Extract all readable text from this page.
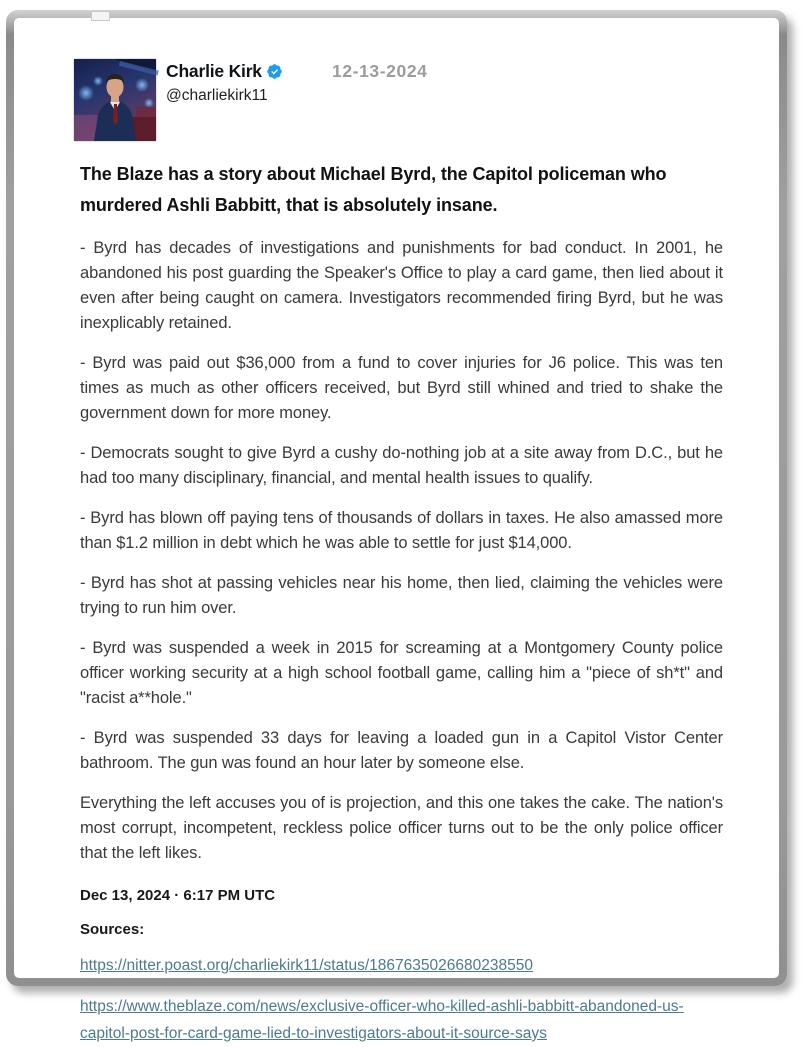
Charlie Kirk
@charliekirk11
12-13-2024
The Blaze has a story about Michael Byrd, the Capitol policeman who murdered Ashli Babbitt, that is absolutely insane.

- Byrd has decades of investigations and punishments for bad conduct. In 2001, he abandoned his post guarding the Speaker's Office to play a card game, then lied about it even after being caught on camera. Investigators recommended firing Byrd, but he was inexplicably retained.

- Byrd was paid out $36,000 from a fund to cover injuries for J6 police. This was ten times as much as other officers received, but Byrd still whined and tried to shake the government down for more money.

- Democrats sought to give Byrd a cushy do-nothing job at a site away from D.C., but he had too many disciplinary, financial, and mental health issues to qualify.

- Byrd has blown off paying tens of thousands of dollars in taxes. He also amassed more than $1.2 million in debt which he was able to settle for just $14,000.

- Byrd has shot at passing vehicles near his home, then lied, claiming the vehicles were trying to run him over.

- Byrd was suspended a week in 2015 for screaming at a Montgomery County police officer working security at a high school football game, calling him a "piece of sh*t" and "racist a**hole."

- Byrd was suspended 33 days for leaving a loaded gun in a Capitol Vistor Center bathroom. The gun was found an hour later by someone else.

Everything the left accuses you of is projection, and this one takes the cake. The nation's most corrupt, incompetent, reckless police officer turns out to be the only police officer that the left likes.

Dec 13, 2024 · 6:17 PM UTC
Sources:
https://nitter.poast.org/charliekirk11/status/1867635026680238550
https://www.theblaze.com/news/exclusive-officer-who-killed-ashli-babbitt-abandoned-us-capitol-post-for-card-game-lied-to-investigators-about-it-source-says
